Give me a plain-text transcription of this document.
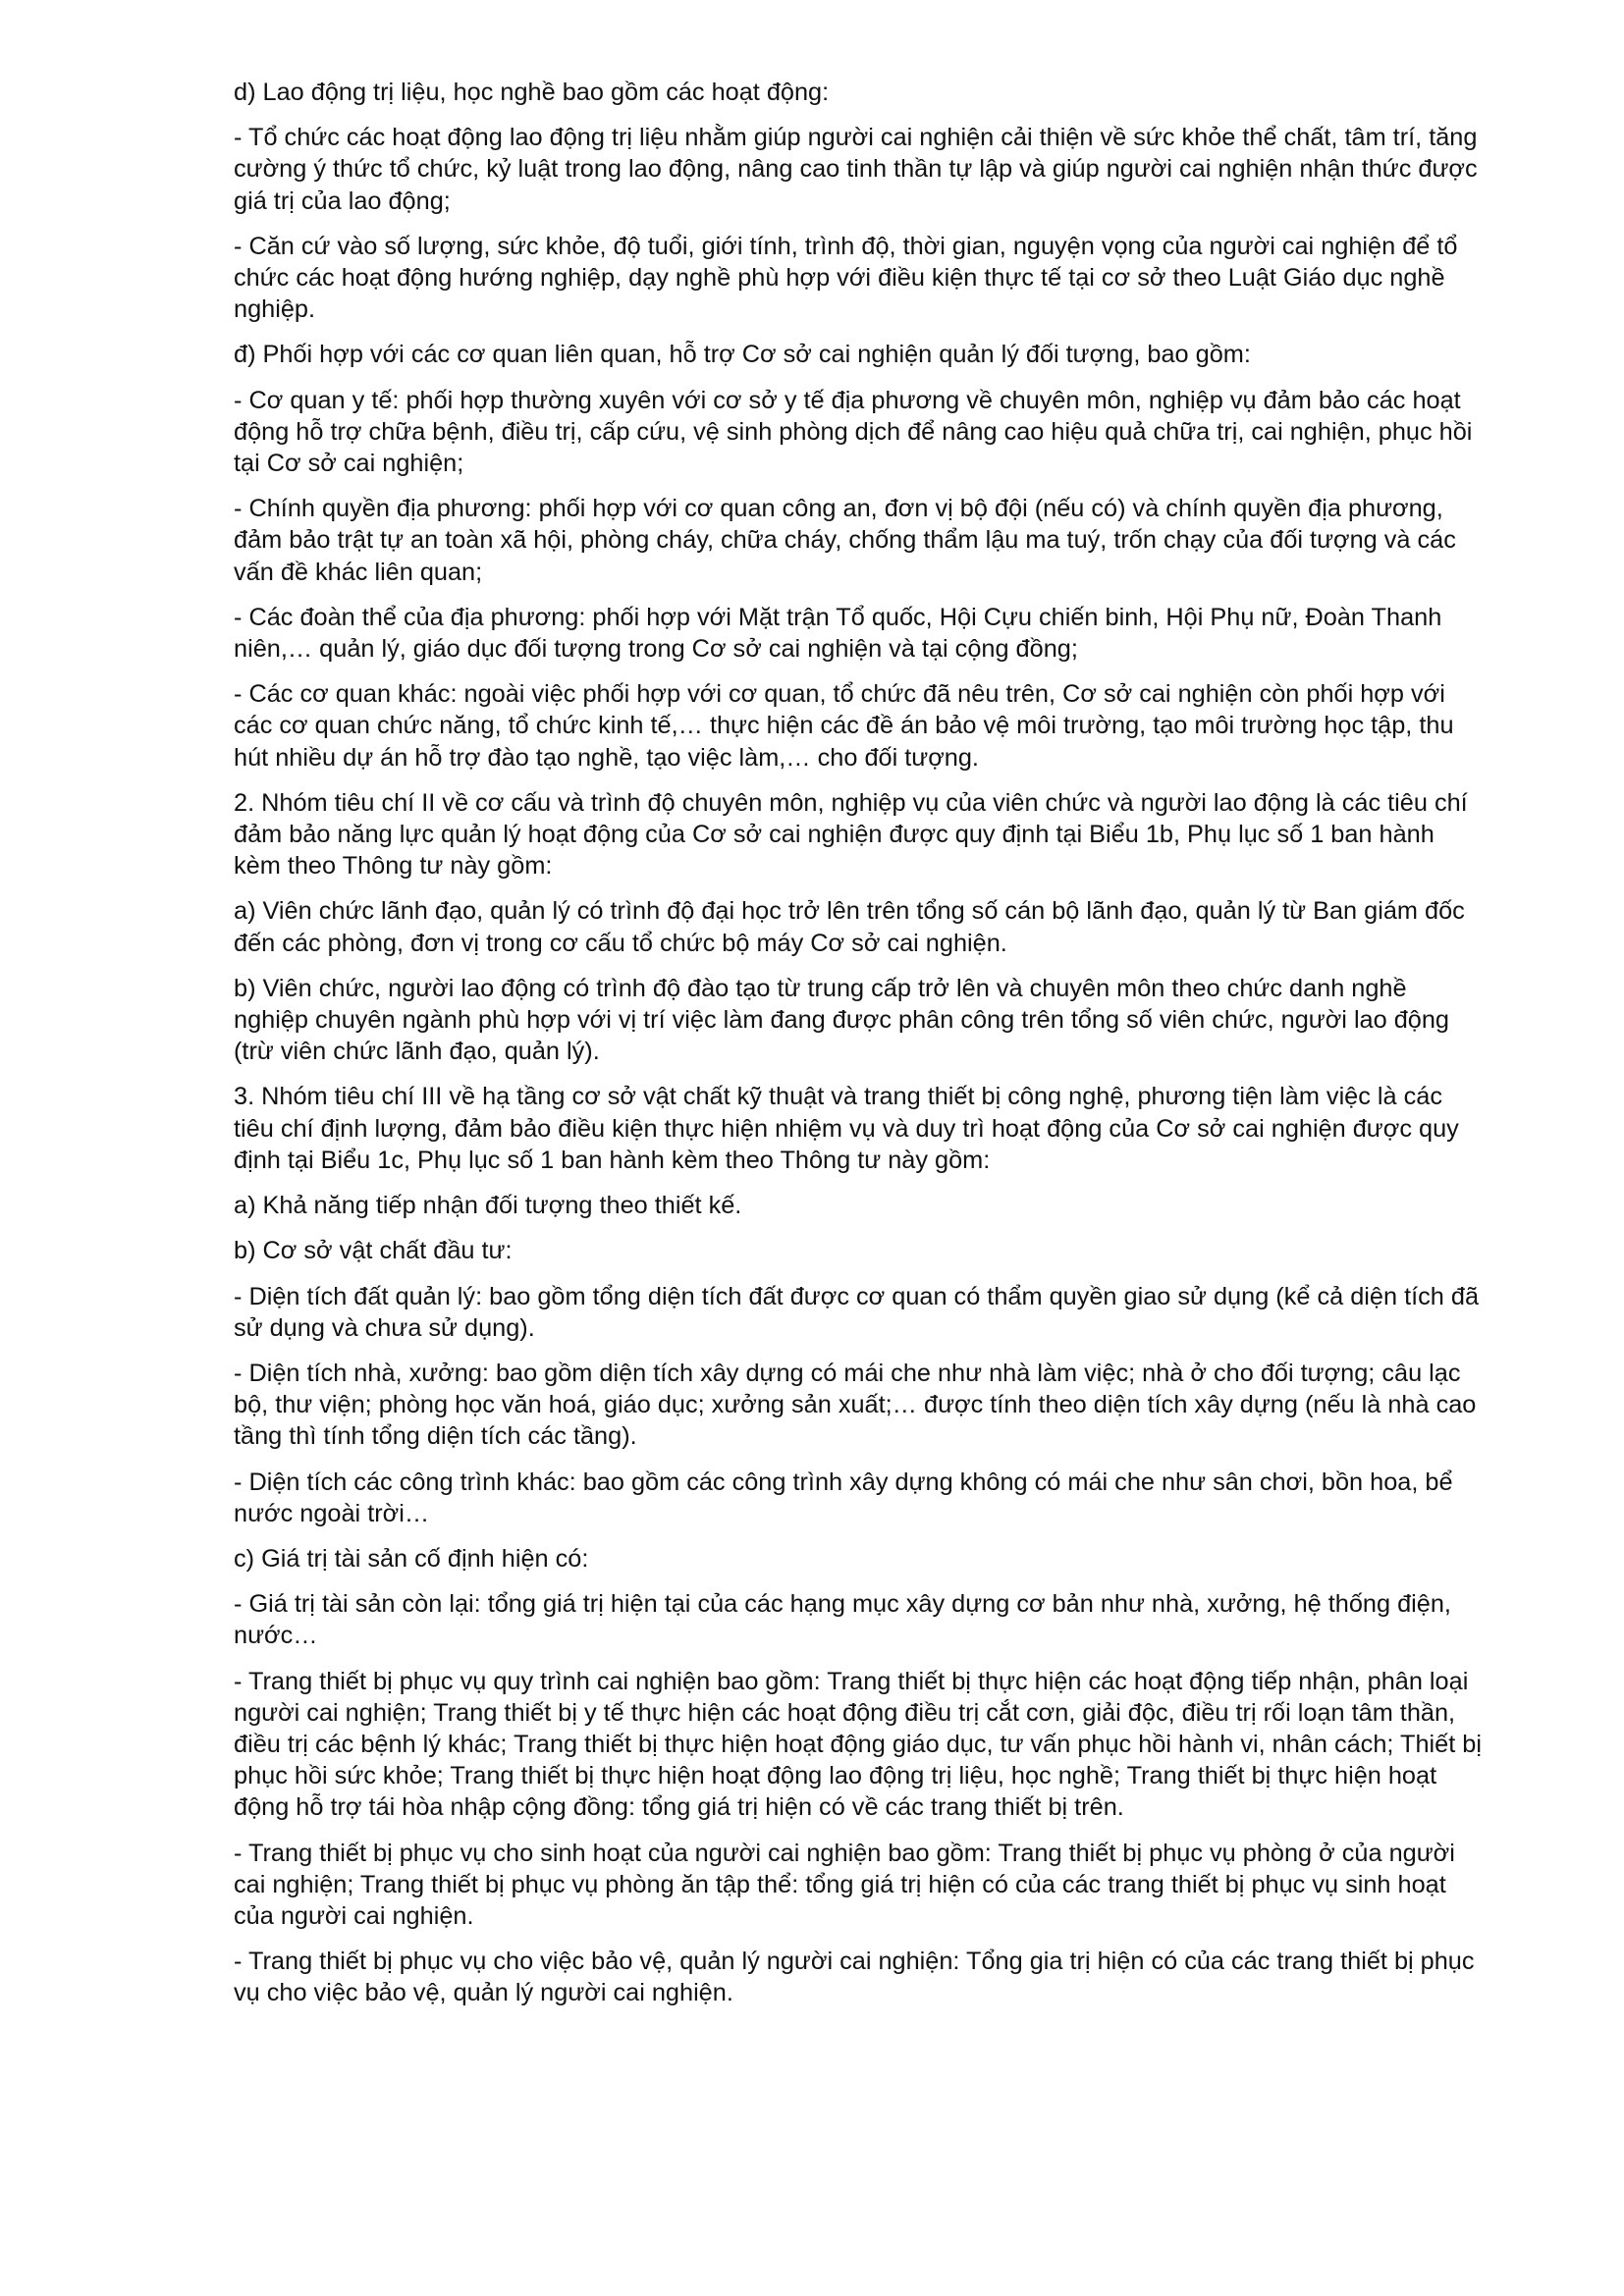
d) Lao động trị liệu, học nghề bao gồm các hoạt động:

- Tổ chức các hoạt động lao động trị liệu nhằm giúp người cai nghiện cải thiện về sức khỏe thể chất, tâm trí, tăng cường ý thức tổ chức, kỷ luật trong lao động, nâng cao tinh thần tự lập và giúp người cai nghiện nhận thức được giá trị của lao động;

- Căn cứ vào số lượng, sức khỏe, độ tuổi, giới tính, trình độ, thời gian, nguyện vọng của người cai nghiện để tổ chức các hoạt động hướng nghiệp, dạy nghề phù hợp với điều kiện thực tế tại cơ sở theo Luật Giáo dục nghề nghiệp.

đ) Phối hợp với các cơ quan liên quan, hỗ trợ Cơ sở cai nghiện quản lý đối tượng, bao gồm:

- Cơ quan y tế: phối hợp thường xuyên với cơ sở y tế địa phương về chuyên môn, nghiệp vụ đảm bảo các hoạt động hỗ trợ chữa bệnh, điều trị, cấp cứu, vệ sinh phòng dịch để nâng cao hiệu quả chữa trị, cai nghiện, phục hồi tại Cơ sở cai nghiện;

- Chính quyền địa phương: phối hợp với cơ quan công an, đơn vị bộ đội (nếu có) và chính quyền địa phương, đảm bảo trật tự an toàn xã hội, phòng cháy, chữa cháy, chống thẩm lậu ma tuý, trốn chạy của đối tượng và các vấn đề khác liên quan;

- Các đoàn thể của địa phương: phối hợp với Mặt trận Tổ quốc, Hội Cựu chiến binh, Hội Phụ nữ, Đoàn Thanh niên,… quản lý, giáo dục đối tượng trong Cơ sở cai nghiện và tại cộng đồng;

- Các cơ quan khác: ngoài việc phối hợp với cơ quan, tổ chức đã nêu trên, Cơ sở cai nghiện còn phối hợp với các cơ quan chức năng, tổ chức kinh tế,… thực hiện các đề án bảo vệ môi trường, tạo môi trường học tập, thu hút nhiều dự án hỗ trợ đào tạo nghề, tạo việc làm,… cho đối tượng.

2. Nhóm tiêu chí II về cơ cấu và trình độ chuyên môn, nghiệp vụ của viên chức và người lao động là các tiêu chí đảm bảo năng lực quản lý hoạt động của Cơ sở cai nghiện được quy định tại Biểu 1b, Phụ lục số 1 ban hành kèm theo Thông tư này gồm:

a) Viên chức lãnh đạo, quản lý có trình độ đại học trở lên trên tổng số cán bộ lãnh đạo, quản lý từ Ban giám đốc đến các phòng, đơn vị trong cơ cấu tổ chức bộ máy Cơ sở cai nghiện.

b) Viên chức, người lao động có trình độ đào tạo từ trung cấp trở lên và chuyên môn theo chức danh nghề nghiệp chuyên ngành phù hợp với vị trí việc làm đang được phân công trên tổng số viên chức, người lao động (trừ viên chức lãnh đạo, quản lý).

3. Nhóm tiêu chí III về hạ tầng cơ sở vật chất kỹ thuật và trang thiết bị công nghệ, phương tiện làm việc là các tiêu chí định lượng, đảm bảo điều kiện thực hiện nhiệm vụ và duy trì hoạt động của Cơ sở cai nghiện được quy định tại Biểu 1c, Phụ lục số 1 ban hành kèm theo Thông tư này gồm:

a) Khả năng tiếp nhận đối tượng theo thiết kế.

b) Cơ sở vật chất đầu tư:

- Diện tích đất quản lý: bao gồm tổng diện tích đất được cơ quan có thẩm quyền giao sử dụng (kể cả diện tích đã sử dụng và chưa sử dụng).

- Diện tích nhà, xưởng: bao gồm diện tích xây dựng có mái che như nhà làm việc; nhà ở cho đối tượng; câu lạc bộ, thư viện; phòng học văn hoá, giáo dục; xưởng sản xuất;… được tính theo diện tích xây dựng (nếu là nhà cao tầng thì tính tổng diện tích các tầng).

- Diện tích các công trình khác: bao gồm các công trình xây dựng không có mái che như sân chơi, bồn hoa, bể nước ngoài trời…

c) Giá trị tài sản cố định hiện có:

- Giá trị tài sản còn lại: tổng giá trị hiện tại của các hạng mục xây dựng cơ bản như nhà, xưởng, hệ thống điện, nước…

- Trang thiết bị phục vụ quy trình cai nghiện bao gồm: Trang thiết bị thực hiện các hoạt động tiếp nhận, phân loại người cai nghiện; Trang thiết bị y tế thực hiện các hoạt động điều trị cắt cơn, giải độc, điều trị rối loạn tâm thần, điều trị các bệnh lý khác; Trang thiết bị thực hiện hoạt động giáo dục, tư vấn phục hồi hành vi, nhân cách; Thiết bị phục hồi sức khỏe; Trang thiết bị thực hiện hoạt động lao động trị liệu, học nghề; Trang thiết bị thực hiện hoạt động hỗ trợ tái hòa nhập cộng đồng: tổng giá trị hiện có về các trang thiết bị trên.

- Trang thiết bị phục vụ cho sinh hoạt của người cai nghiện bao gồm: Trang thiết bị phục vụ phòng ở của người cai nghiện; Trang thiết bị phục vụ phòng ăn tập thể: tổng giá trị hiện có của các trang thiết bị phục vụ sinh hoạt của người cai nghiện.

- Trang thiết bị phục vụ cho việc bảo vệ, quản lý người cai nghiện: Tổng gia trị hiện có của các trang thiết bị phục vụ cho việc bảo vệ, quản lý người cai nghiện.
